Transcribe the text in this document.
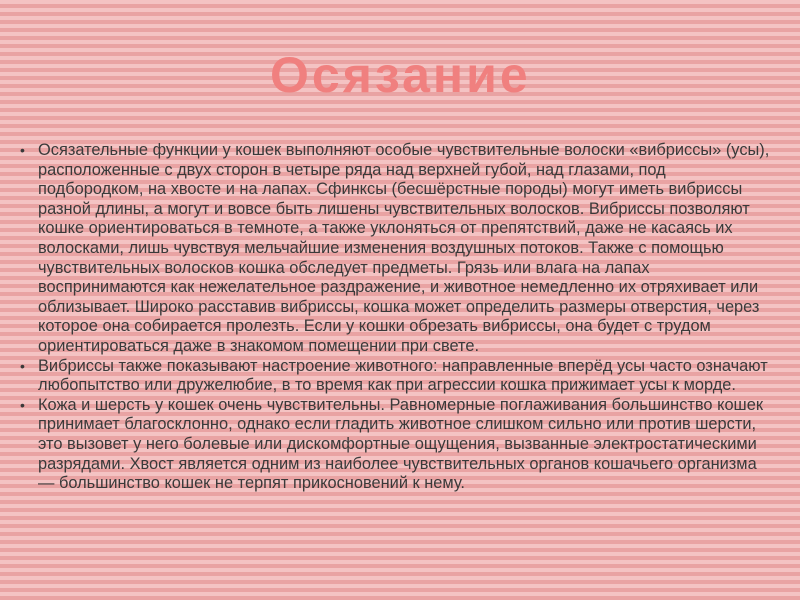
Осязание
• Осязательные функции у кошек выполняют особые чувствительные волоски «вибриссы» (усы), расположенные с двух сторон в четыре ряда над верхней губой, над глазами, под подбородком, на хвосте и на лапах. Сфинксы (бесшёрстные породы) могут иметь вибриссы разной длины, а могут и вовсе быть лишены чувствительных волосков. Вибриссы позволяют кошке ориентироваться в темноте, а также уклоняться от препятствий, даже не касаясь их волосками, лишь чувствуя мельчайшие изменения воздушных потоков. Также с помощью чувствительных волосков кошка обследует предметы. Грязь или влага на лапах воспринимаются как нежелательное раздражение, и животное немедленно их отряхивает или облизывает. Широко расставив вибриссы, кошка может определить размеры отверстия, через которое она собирается пролезть. Если у кошки обрезать вибриссы, она будет с трудом ориентироваться даже в знакомом помещении при свете.
• Вибриссы также показывают настроение животного: направленные вперёд усы часто означают любопытство или дружелюбие, в то время как при агрессии кошка прижимает усы к морде.
• Кожа и шерсть у кошек очень чувствительны. Равномерные поглаживания большинство кошек принимает благосклонно, однако если гладить животное слишком сильно или против шерсти, это вызовет у него болевые или дискомфортные ощущения, вызванные электростатическими разрядами. Хвост является одним из наиболее чувствительных органов кошачьего организма — большинство кошек не терпят прикосновений к нему.
